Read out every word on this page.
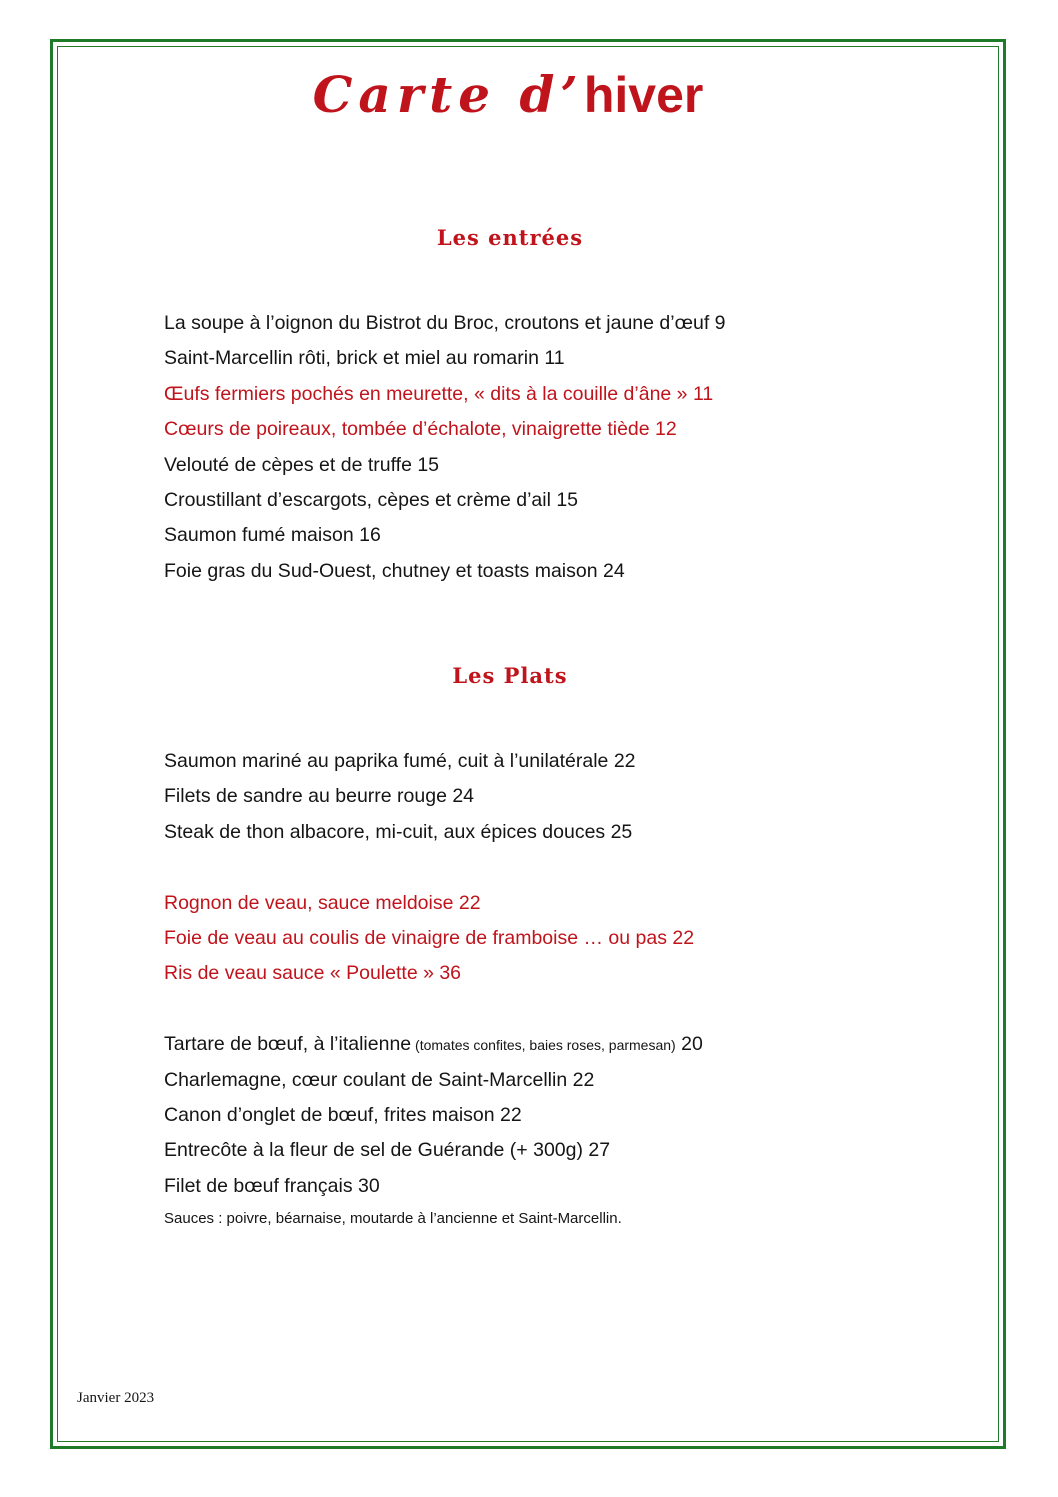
Carte d’hiver
Les entrées
La soupe à l’oignon du Bistrot du Broc, croutons et jaune d’œuf 9
Saint-Marcellin rôti, brick et miel au romarin 11
Œufs fermiers pochés en meurette, « dits à la couille d’âne » 11
Cœurs de poireaux, tombée d’échalote, vinaigrette tiède 12
Velouté de cèpes et de truffe 15
Croustillant d’escargots, cèpes et crème d’ail 15
Saumon fumé maison 16
Foie gras du Sud-Ouest, chutney et toasts maison 24
Les Plats
Saumon mariné au paprika fumé, cuit à l’unilatérale 22
Filets de sandre au beurre rouge 24
Steak de thon albacore, mi-cuit, aux épices douces 25
Rognon de veau, sauce meldoise 22
Foie de veau au coulis de vinaigre de framboise … ou pas 22
Ris de veau sauce « Poulette » 36
Tartare de bœuf, à l’italienne (tomates confites, baies roses, parmesan) 20
Charlemagne, cœur coulant de Saint-Marcellin 22
Canon d’onglet de bœuf, frites maison 22
Entrecôte à la fleur de sel de Guérande (+ 300g) 27
Filet de bœuf français 30
Sauces : poivre, béarnaise, moutarde à l’ancienne et Saint-Marcellin.
Janvier 2023
